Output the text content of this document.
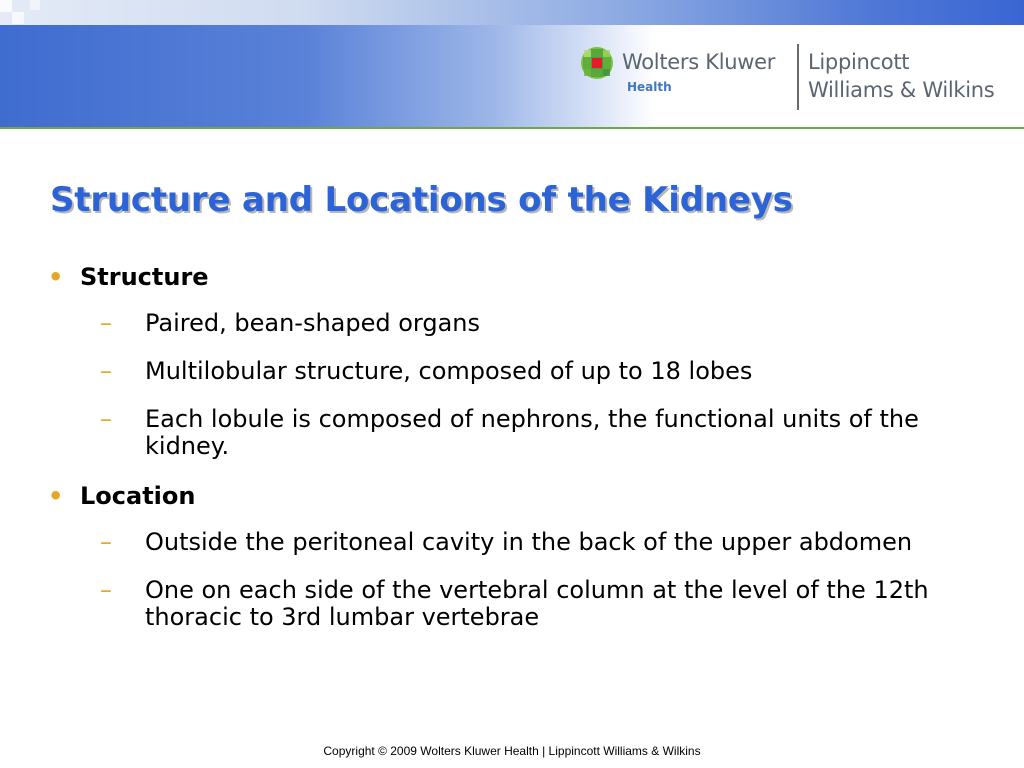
Wolters Kluwer
Health
Lippincott
Williams & Wilkins
Structure and Locations of the Kidneys
• Structure
– Paired, bean-shaped organs
– Multilobular structure, composed of up to 18 lobes
– Each lobule is composed of nephrons, the functional units of the kidney.
• Location
– Outside the peritoneal cavity in the back of the upper abdomen
– One on each side of the vertebral column at the level of the 12th thoracic to 3rd lumbar vertebrae
Copyright © 2009 Wolters Kluwer Health | Lippincott Williams & Wilkins
